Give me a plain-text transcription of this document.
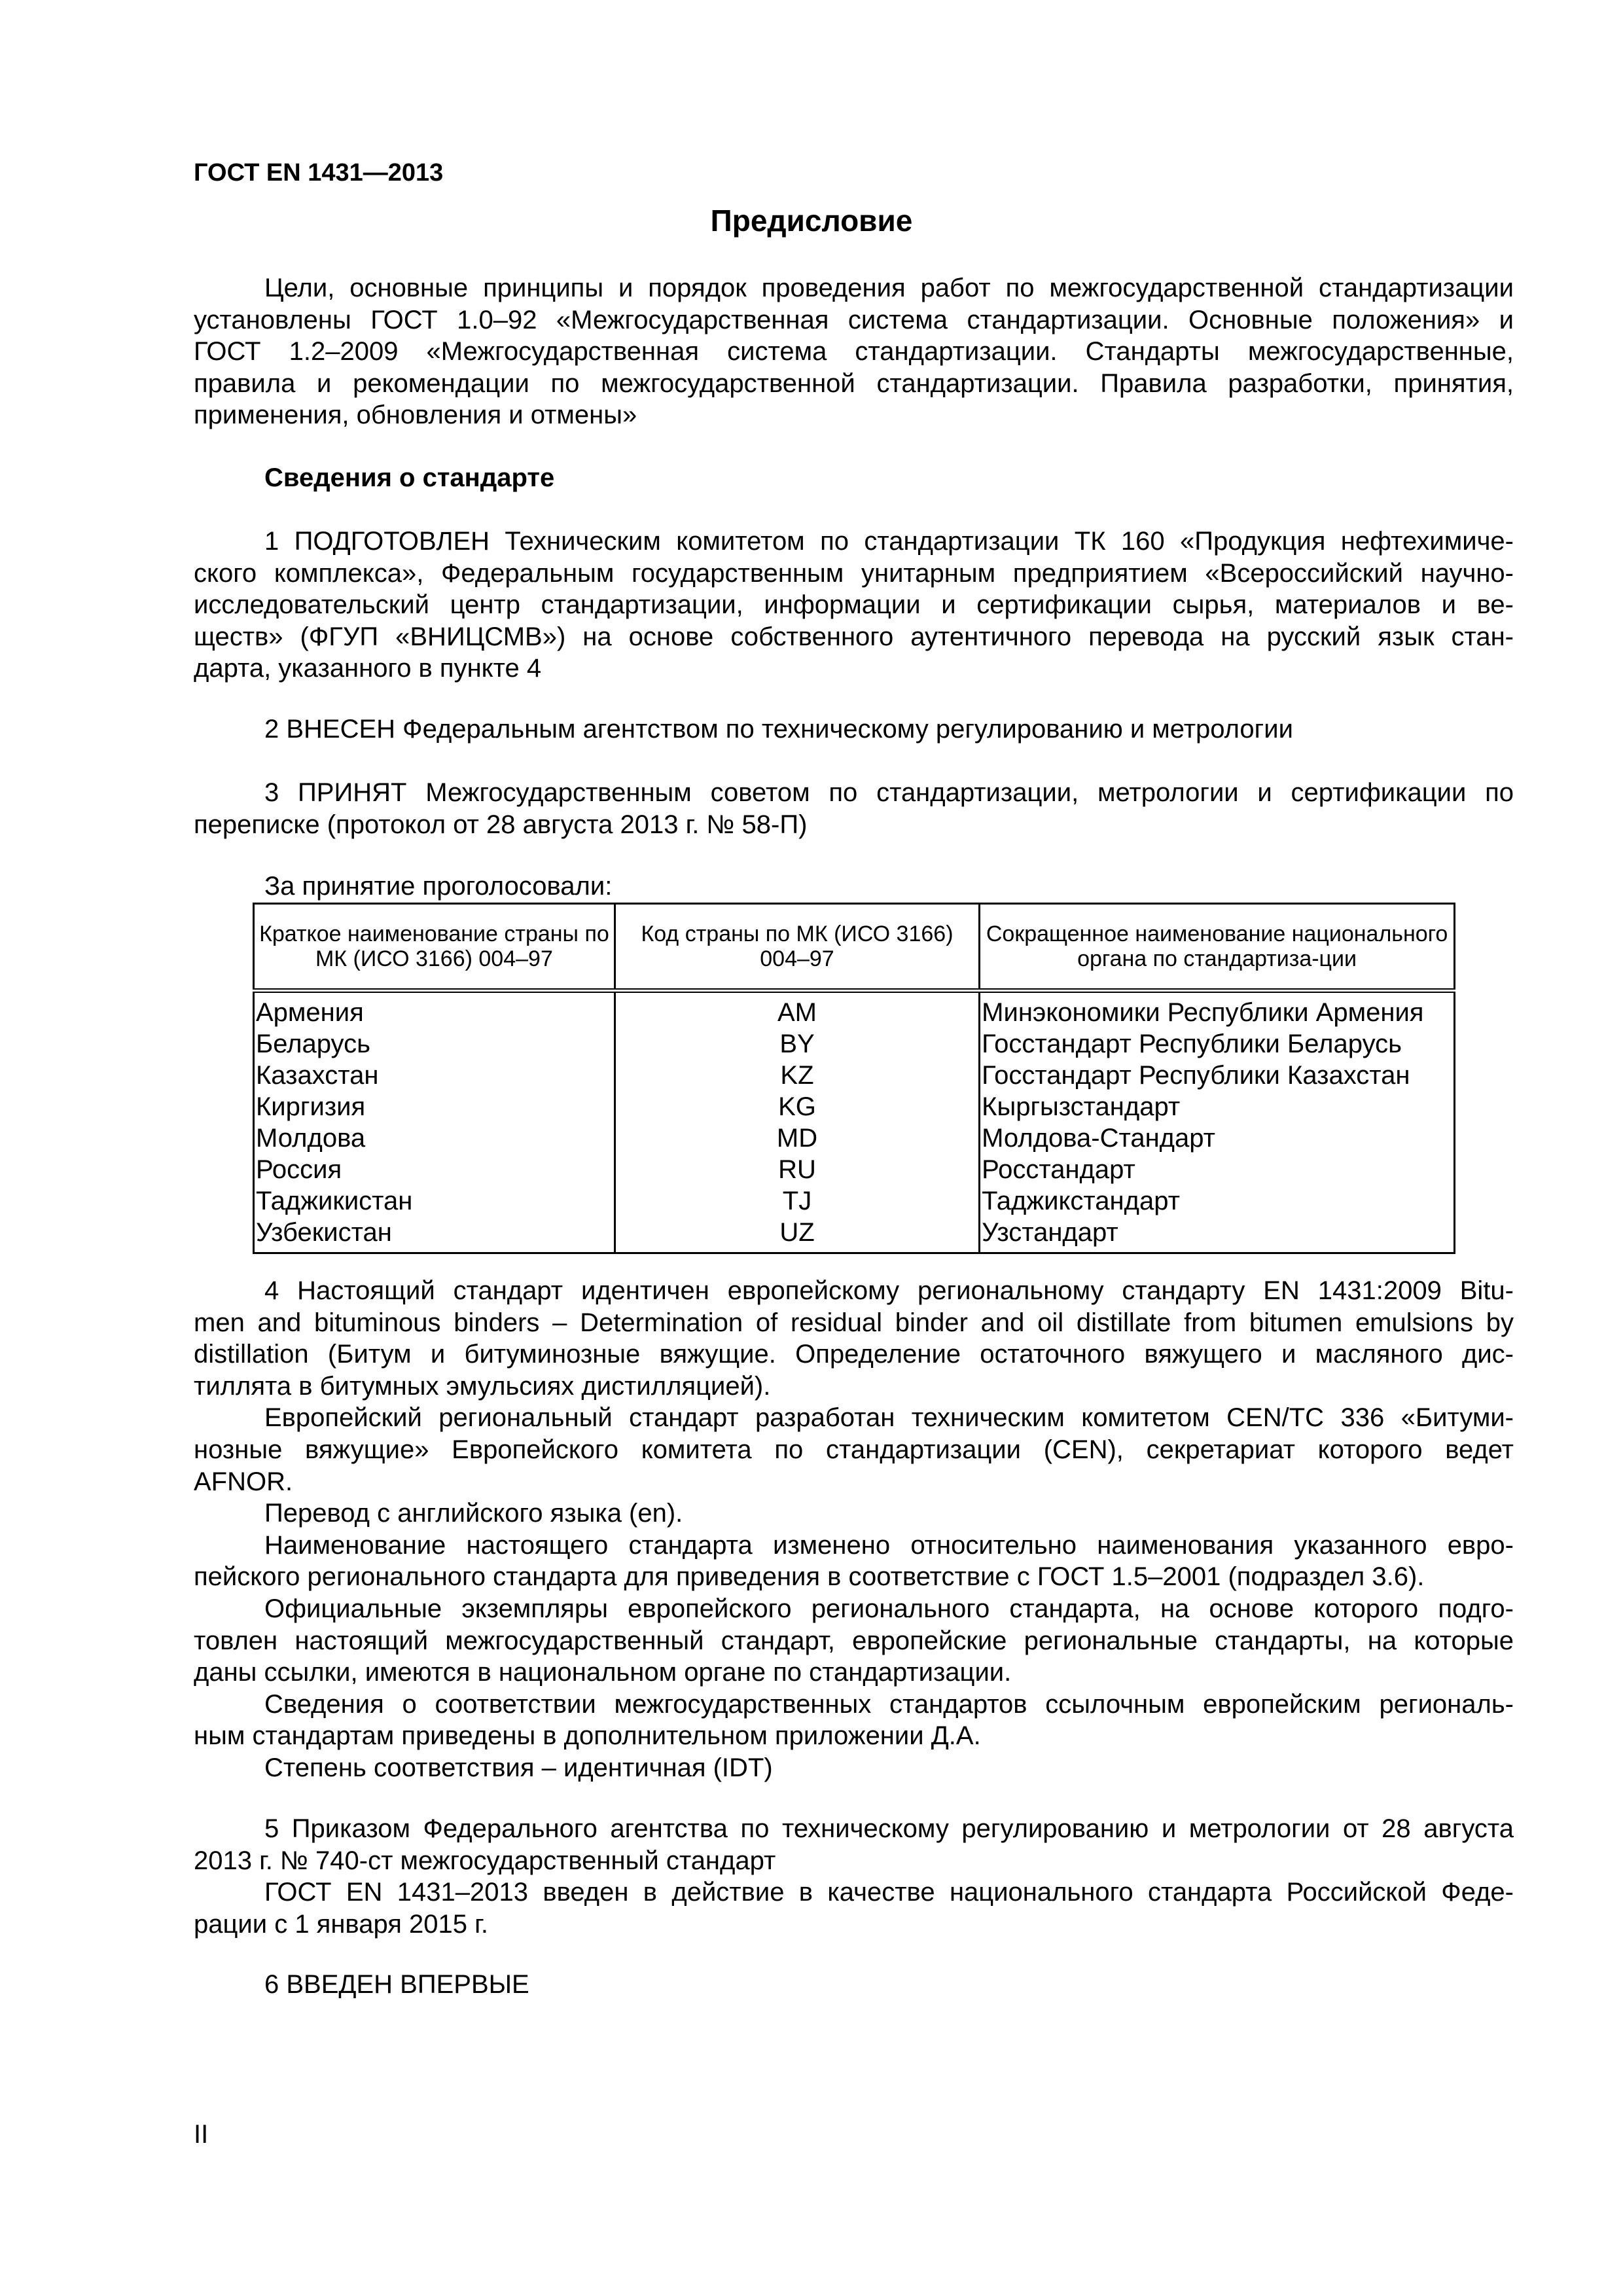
ГОСТ EN 1431—2013
Предисловие
Цели, основные принципы и порядок проведения работ по межгосударственной стандартизации
установлены ГОСТ 1.0–92 «Межгосударственная система стандартизации. Основные положения» и
ГОСТ 1.2–2009 «Межгосударственная система стандартизации. Стандарты межгосударственные,
правила и рекомендации по межгосударственной стандартизации. Правила разработки, принятия,
применения, обновления и отмены»
Сведения о стандарте
1 ПОДГОТОВЛЕН Техническим комитетом по стандартизации ТК 160 «Продукция нефтехимиче-
ского комплекса», Федеральным государственным унитарным предприятием «Всероссийский научно-
исследовательский центр стандартизации, информации и сертификации сырья, материалов и ве-
ществ» (ФГУП «ВНИЦСМВ») на основе собственного аутентичного перевода на русский язык стан-
дарта, указанного в пункте 4
2 ВНЕСЕН Федеральным агентством по техническому регулированию и метрологии
3 ПРИНЯТ Межгосударственным советом по стандартизации, метрологии и сертификации по
переписке (протокол от 28 августа 2013 г. № 58-П)
За принятие проголосовали:
Краткое наименование страны по МК (ИСО 3166) 004–97	Код страны по МК (ИСО 3166) 004–97	Сокращенное наименование национального органа по стандартиза-ции
Армения	AM	Минэкономики Республики Армения
Беларусь	BY	Госстандарт Республики Беларусь
Казахстан	KZ	Госстандарт Республики Казахстан
Киргизия	KG	Кыргызстандарт
Молдова	MD	Молдова-Стандарт
Россия	RU	Росстандарт
Таджикистан	TJ	Таджикстандарт
Узбекистан	UZ	Узстандарт
4 Настоящий стандарт идентичен европейскому региональному стандарту EN 1431:2009 Bitu-
men and bituminous binders – Determination of residual binder and oil distillate from bitumen emulsions by
distillation (Битум и битуминозные вяжущие. Определение остаточного вяжущего и масляного дис-
тиллята в битумных эмульсиях дистилляцией).
Европейский региональный стандарт разработан техническим комитетом CEN/TC 336 «Битуми-
нозные вяжущие» Европейского комитета по стандартизации (CEN), секретариат которого ведет
AFNOR.
Перевод с английского языка (en).
Наименование настоящего стандарта изменено относительно наименования указанного евро-
пейского регионального стандарта для приведения в соответствие с ГОСТ 1.5–2001 (подраздел 3.6).
Официальные экземпляры европейского регионального стандарта, на основе которого подго-
товлен настоящий межгосударственный стандарт, европейские региональные стандарты, на которые
даны ссылки, имеются в национальном органе по стандартизации.
Сведения о соответствии межгосударственных стандартов ссылочным европейским региональ-
ным стандартам приведены в дополнительном приложении Д.А.
Степень соответствия – идентичная (IDT)
5 Приказом Федерального агентства по техническому регулированию и метрологии от 28 августа
2013 г. № 740-ст межгосударственный стандарт
ГОСТ EN 1431–2013 введен в действие в качестве национального стандарта Российской Феде-
рации с 1 января 2015 г.
6 ВВЕДЕН ВПЕРВЫЕ
II
